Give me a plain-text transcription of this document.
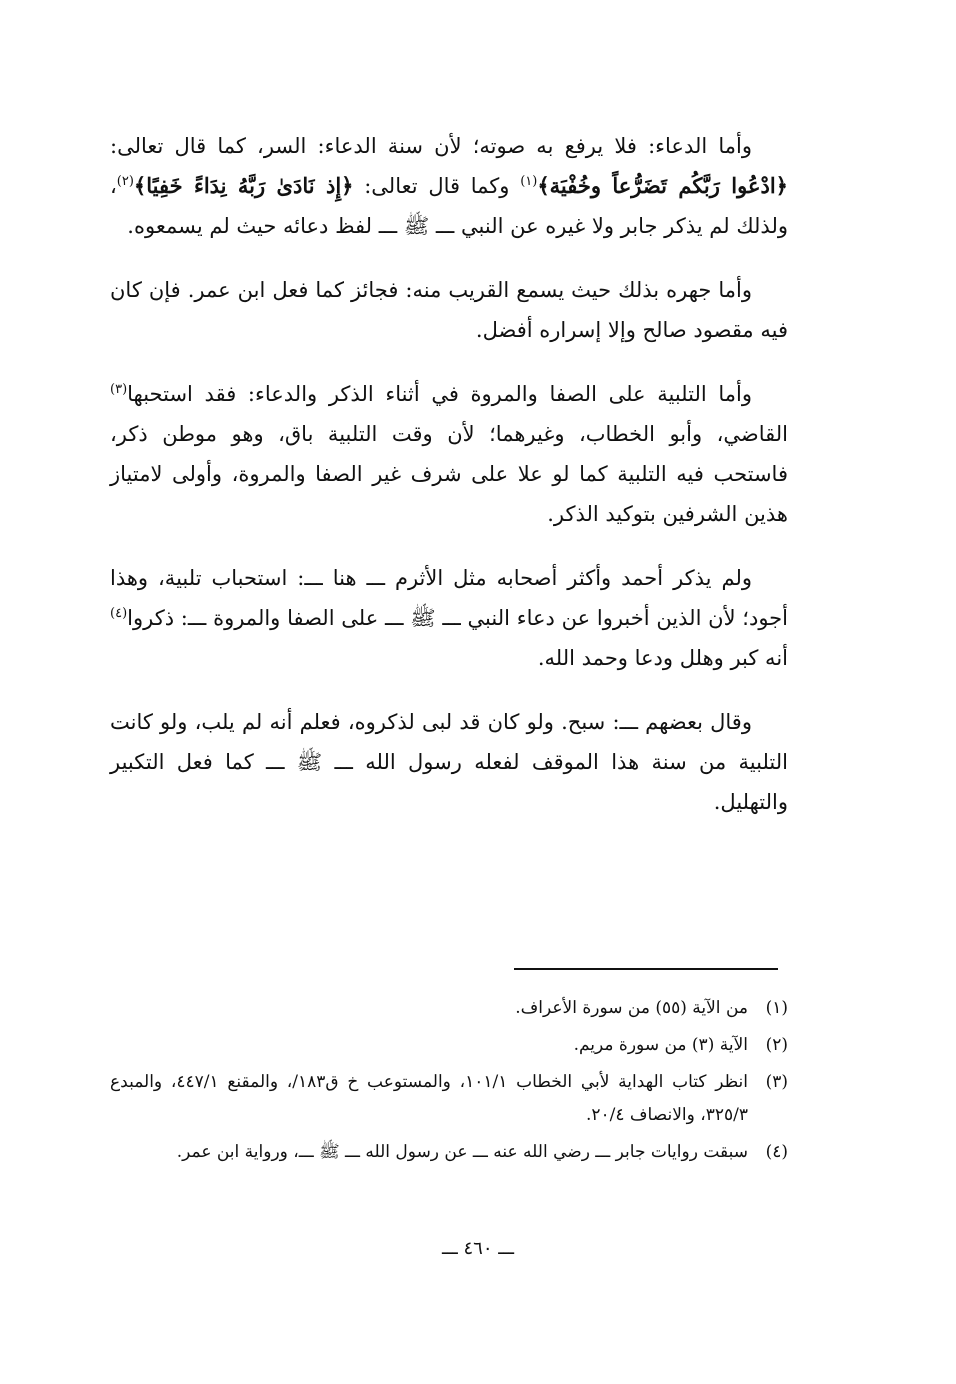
وأما الدعاء: فلا يرفع به صوته؛ لأن سنة الدعاء: السر، كما قال تعالى: ﴿ادْعُوا رَبَّكُم تَضَرُّعاً وخُفْيَة﴾$^{(١)}$ وكما قال تعالى: ﴿إِذ نَادَىٰ رَبَّهُ نِدَاءً خَفِيًا﴾$^{(٢)}$، ولذلك لم يذكر جابر ولا غيره عن النبي ـــ ﷺ ـــ لفظ دعائه حيث لم يسمعوه.

وأما جهره بذلك حيث يسمع القريب منه: فجائز كما فعل ابن عمر. فإن كان فيه مقصود صالح وإلا إسراره أفضل.

وأما التلبية على الصفا والمروة في أثناء الذكر والدعاء: فقد استحبها$^{(٣)}$ القاضي، وأبو الخطاب، وغيرهما؛ لأن وقت التلبية باق، وهو موطن ذكر، فاستحب فيه التلبية كما لو علا على شرف غير الصفا والمروة، وأولى لامتياز هذين الشرفين بتوكيد الذكر.

ولم يذكر أحمد وأكثر أصحابه مثل الأثرم ـــ هنا ـــ: استحباب تلبية، وهذا أجود؛ لأن الذين أخبروا عن دعاء النبي ـــ ﷺ ـــ على الصفا والمروة ـــ: ذكروا$^{(٤)}$ أنه كبر وهلل ودعا وحمد الله.

وقال بعضهم ـــ: سبح. ولو كان قد لبى لذكروه، فعلم أنه لم يلب، ولو كانت التلبية من سنة هذا الموقف لفعله رسول الله ـــ ﷺ ـــ كما فعل التكبير والتهليل.

(١)
من الآية (٥٥) من سورة الأعراف.
(٢)
الآية (٣) من سورة مريم.
(٣)
انظر كتاب الهداية لأبي الخطاب ١٠١/١، والمستوعب خ ق١٨٣/، والمقنع ٤٤٧/١، والمبدع ٣٢٥/٣، والانصاف ٢٠/٤.
(٤)
سبقت روايات جابر ـــ رضي الله عنه ـــ عن رسول الله ـــ ﷺ ـــ، ورواية ابن عمر.
ـــ ٤٦٠ ـــ
